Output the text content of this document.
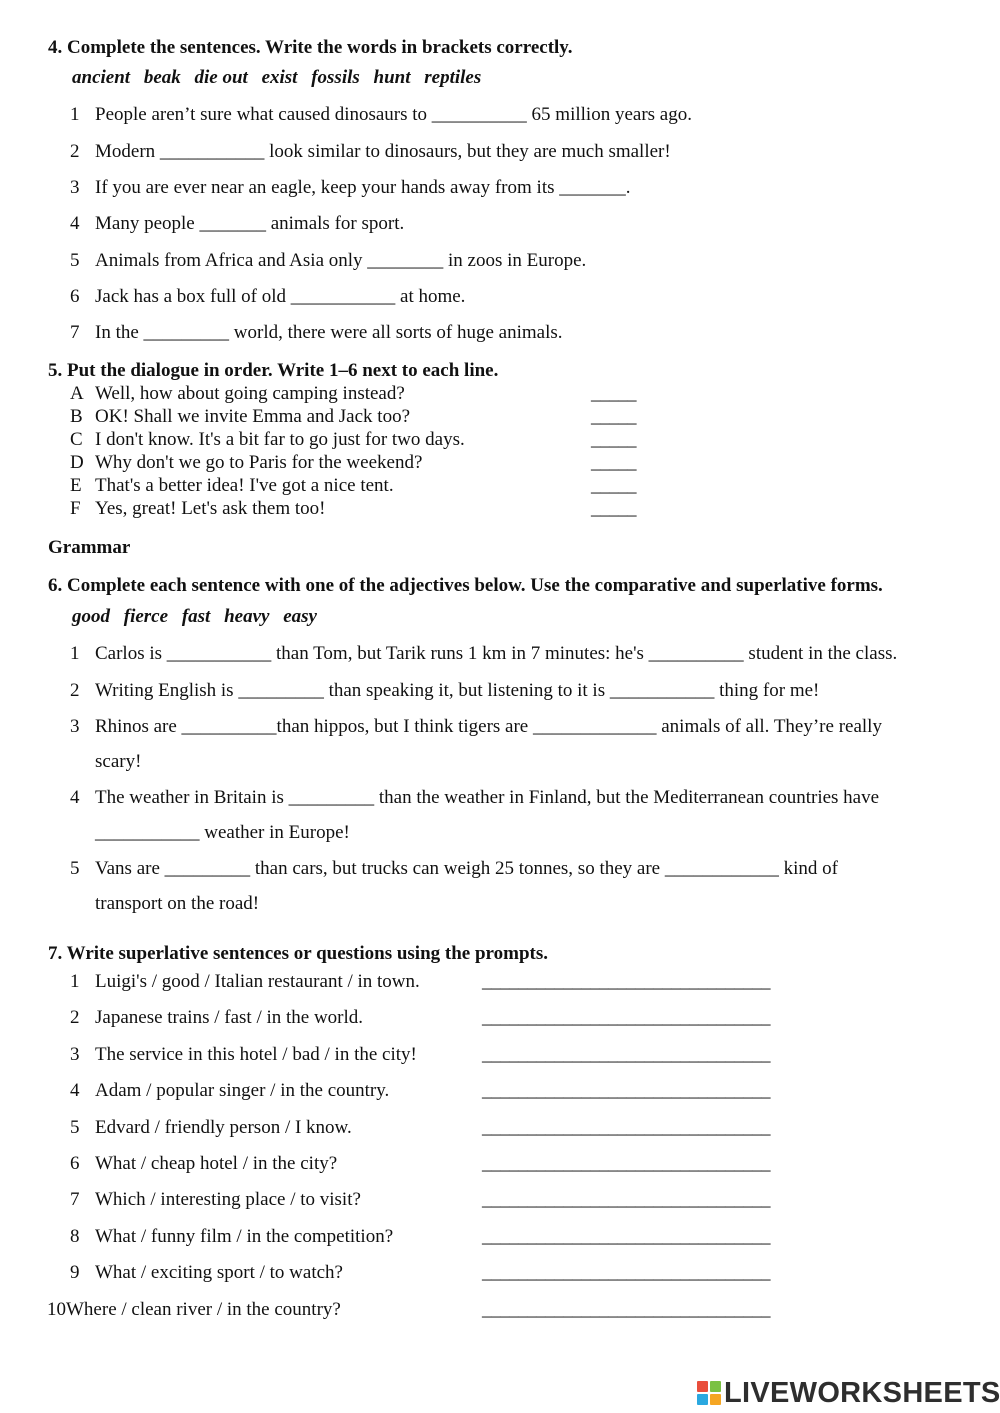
4. Complete the sentences. Write the words in brackets correctly.
ancient beak die out exist fossils hunt reptiles
1 People aren’t sure what caused dinosaurs to __________ 65 million years ago.
2 Modern ___________ look similar to dinosaurs, but they are much smaller!
3 If you are ever near an eagle, keep your hands away from its _______.
4 Many people _______ animals for sport.
5 Animals from Africa and Asia only ________ in zoos in Europe.
6 Jack has a box full of old ___________ at home.
7 In the _________ world, there were all sorts of huge animals.
5. Put the dialogue in order. Write 1–6 next to each line.
A Well, how about going camping instead?	_____
B OK! Shall we invite Emma and Jack too?	_____
C I don't know. It's a bit far to go just for two days.	_____
D Why don't we go to Paris for the weekend?	_____
E That's a better idea! I've got a nice tent.	_____
F Yes, great! Let's ask them too!	_____
Grammar
6. Complete each sentence with one of the adjectives below. Use the comparative and superlative forms.
good fierce fast heavy easy
1 Carlos is ___________ than Tom, but Tarik runs 1 km in 7 minutes: he's __________ student in the class.
2 Writing English is _________ than speaking it, but listening to it is ___________ thing for me!
3 Rhinos are __________than hippos, but I think tigers are _____________ animals of all. They’re really
scary!
4 The weather in Britain is _________ than the weather in Finland, but the Mediterranean countries have
___________ weather in Europe!
5 Vans are _________ than cars, but trucks can weigh 25 tonnes, so they are ____________ kind of
transport on the road!
7. Write superlative sentences or questions using the prompts.
1 Luigi's / good / Italian restaurant / in town.	________________________________
2 Japanese trains / fast / in the world.	________________________________
3 The service in this hotel / bad / in the city!	________________________________
4 Adam / popular singer / in the country.	________________________________
5 Edvard / friendly person / I know.	________________________________
6 What / cheap hotel / in the city?	________________________________
7 Which / interesting place / to visit?	________________________________
8 What / funny film / in the competition?	________________________________
9 What / exciting sport / to watch?	________________________________
10Where / clean river / in the country?	________________________________
LIVEWORKSHEETS
